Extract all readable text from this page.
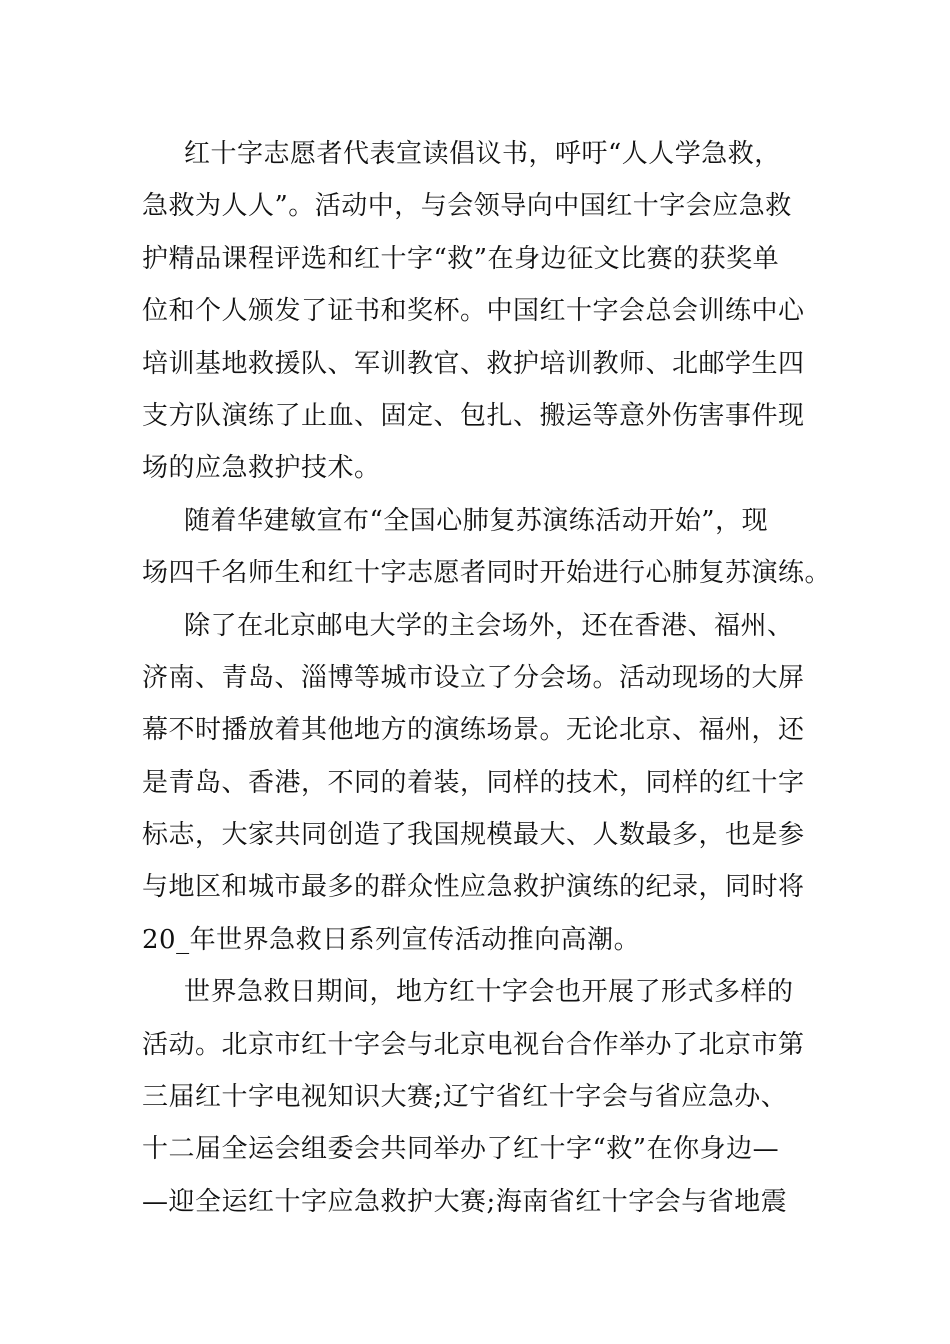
红十字志愿者代表宣读倡议书，呼吁“人人学急救，
急救为人人”。活动中，与会领导向中国红十字会应急救
护精品课程评选和红十字“救”在身边征文比赛的获奖单
位和个人颁发了证书和奖杯。中国红十字会总会训练中心
培训基地救援队、军训教官、救护培训教师、北邮学生四
支方队演练了止血、固定、包扎、搬运等意外伤害事件现
场的应急救护技术。
随着华建敏宣布“全国心肺复苏演练活动开始”，现
场四千名师生和红十字志愿者同时开始进行心肺复苏演练。
除了在北京邮电大学的主会场外，还在香港、福州、
济南、青岛、淄博等城市设立了分会场。活动现场的大屏
幕不时播放着其他地方的演练场景。无论北京、福州，还
是青岛、香港，不同的着装，同样的技术，同样的红十字
标志，大家共同创造了我国规模最大、人数最多，也是参
与地区和城市最多的群众性应急救护演练的纪录，同时将
20_年世界急救日系列宣传活动推向高潮。
世界急救日期间，地方红十字会也开展了形式多样的
活动。北京市红十字会与北京电视台合作举办了北京市第
三届红十字电视知识大赛;辽宁省红十字会与省应急办、
十二届全运会组委会共同举办了红十字“救”在你身边—
—迎全运红十字应急救护大赛;海南省红十字会与省地震
